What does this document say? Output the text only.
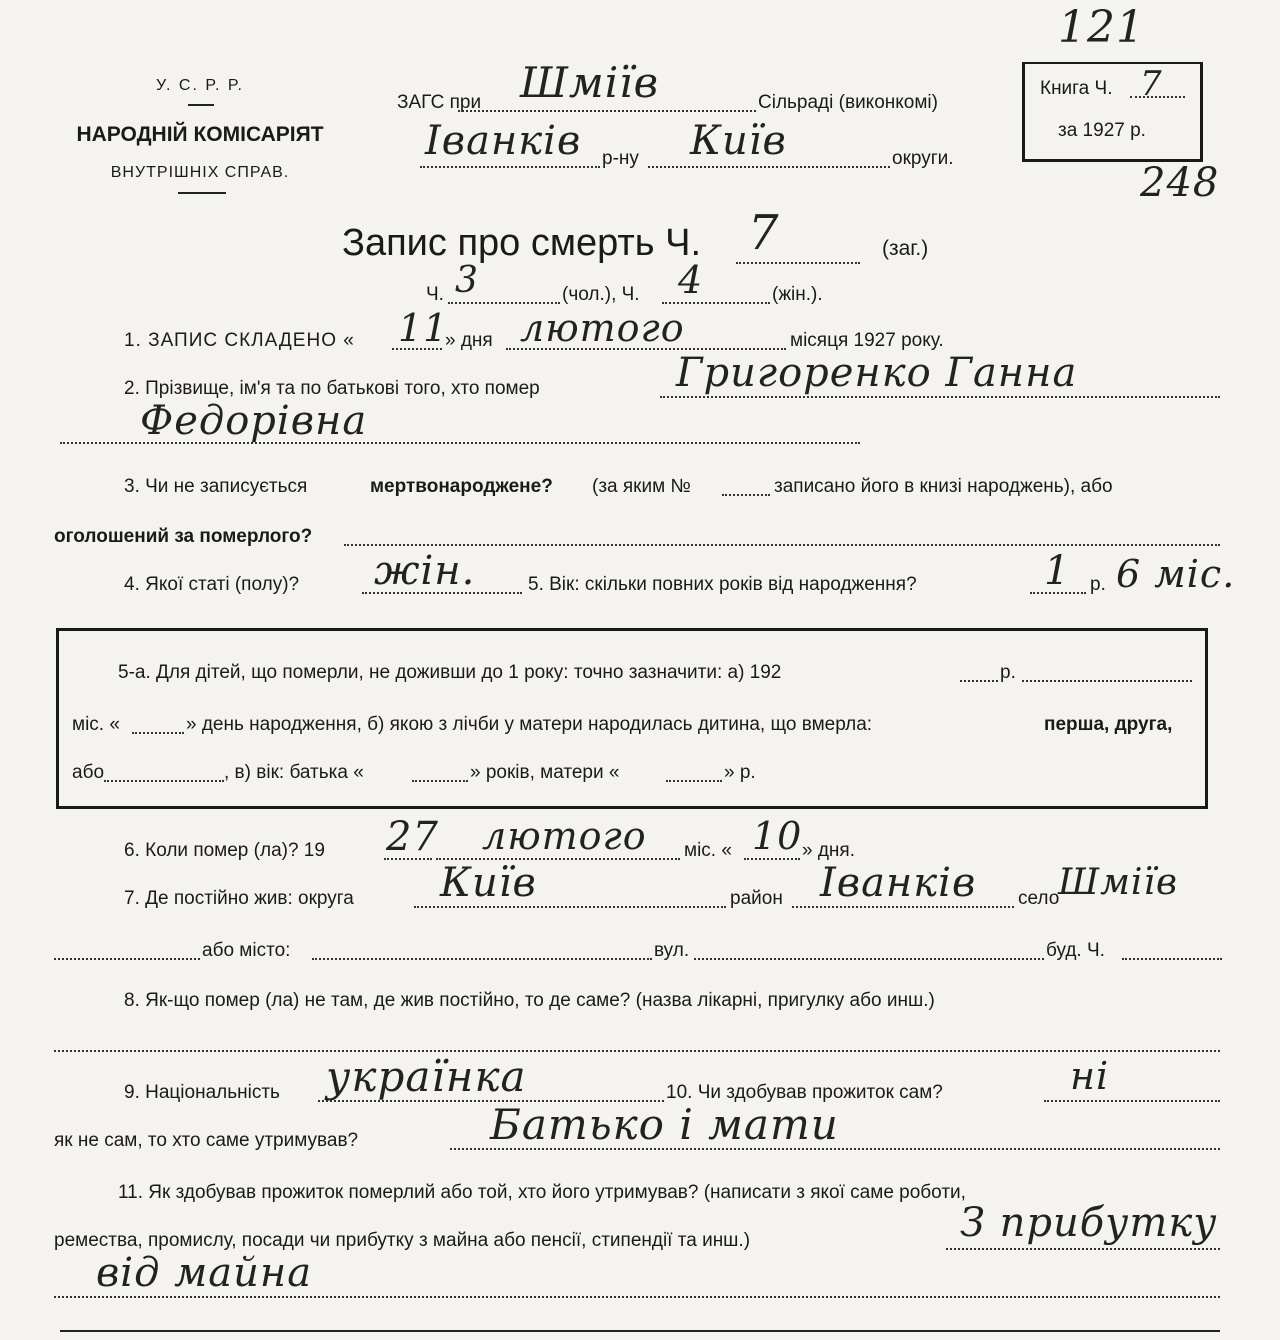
У. С. Р. Р.
НАРОДНІЙ КОМІСАРІЯТ
ВНУТРІШНІХ СПРАВ.
ЗАГС при Шміїв	Сільраді (виконкомі)
Іванків р-ну Київ	округи.
Книга Ч. 7
за 1927 р.
121
248
Запис про смерть Ч. 7	(заг.)
Ч. 3	(чол.), Ч. 4	(жін.).
1. ЗАПИС СКЛАДЕНО « 11
» дня лютого	місяця 1927 року.
2. Прізвище, ім'я та по батькові того, хто помер	Григоренко Ганна
Федорівна
3. Чи не записується	мертвонароджене? (за яким №	записано його в книзі народжень), або
оголошений за померлого?
4. Якої статі (полу)? жін.	5. Вік: скільки повних років від народження?	1 р. 6 міс.
5-а. Для дітей, що померли, не доживши до 1 року: точно зазначити: а) 192	р.
міс. «	» день народження, б) якою з лічби у матери народилась дитина, що вмерла:	перша, друга,
або	, в) вік: батька «	» років, матери «	» р.
6. Коли помер (ла)? 19 27 лютого міс. « 10 » дня.
7. Де постійно жив: округа Київ	район Іванків село
Шміїв
або місто:	вул.	буд. Ч.
8. Як-що помер (ла) не там, де жив постійно, то де саме? (назва лікарні, пригулку або инш.)
9. Національність українка	10. Чи здобував прожиток сам?	ні
як не сам, то хто саме утримував?	Батько і мати
11. Як здобував прожиток померлий або той, хто його утримував? (написати з якої саме роботи,
ремества, промислу, посади чи прибутку з майна або пенсії, стипендії та инш.)	З прибутку
від майна
